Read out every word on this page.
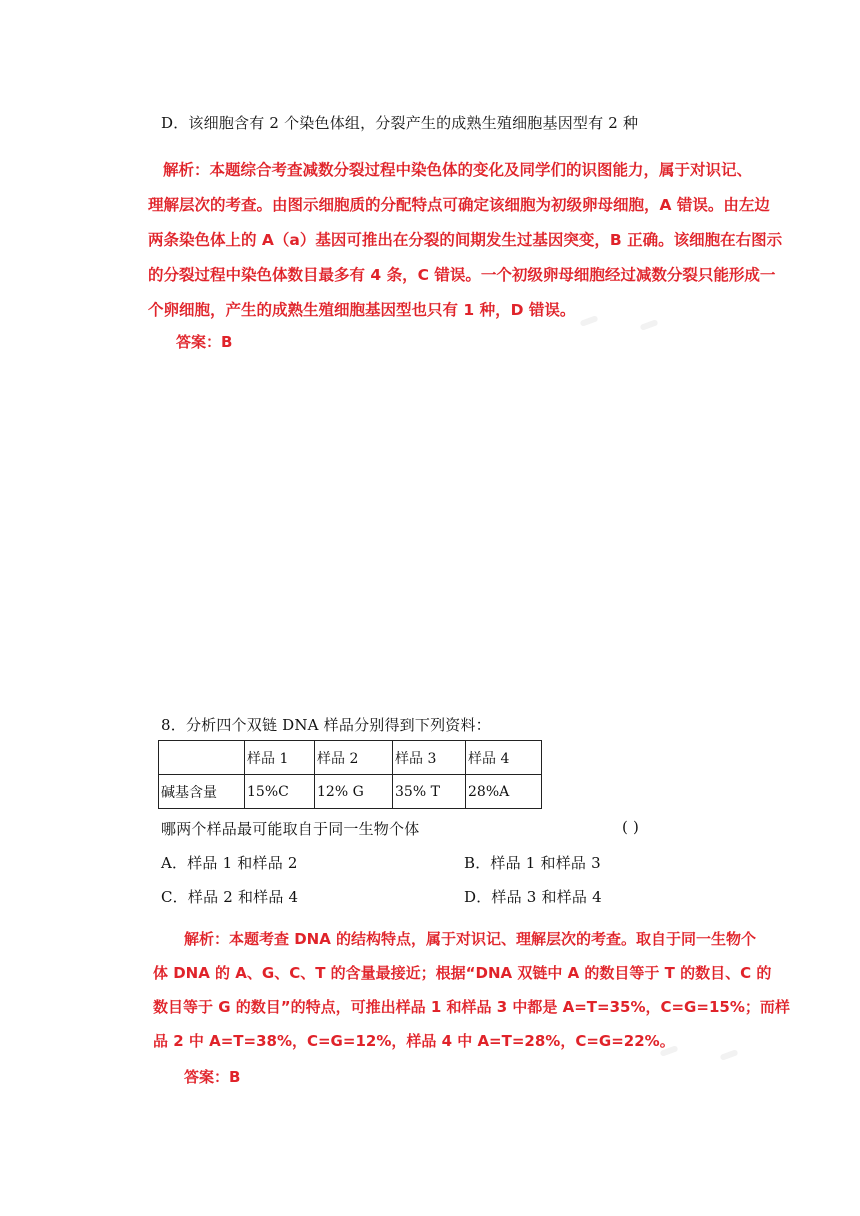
D．该细胞含有 2 个染色体组，分裂产生的成熟生殖细胞基因型有 2 种
解析：本题综合考查减数分裂过程中染色体的变化及同学们的识图能力，属于对识记、
理解层次的考查。由图示细胞质的分配特点可确定该细胞为初级卵母细胞，A 错误。由左边
两条染色体上的 A（a）基因可推出在分裂的间期发生过基因突变，B 正确。该细胞在右图示
的分裂过程中染色体数目最多有 4 条，C 错误。一个初级卵母细胞经过减数分裂只能形成一
个卵细胞，产生的成熟生殖细胞基因型也只有 1 种，D 错误。
答案：B
8．分析四个双链 DNA 样品分别得到下列资料：
	样品 1	样品 2	样品 3	样品 4
碱基含量	15%C	12% G	35% T	28%A
哪两个样品最可能取自于同一生物个体	( )
A．样品 1 和样品 2	B．样品 1 和样品 3
C．样品 2 和样品 4	D．样品 3 和样品 4
解析：本题考查 DNA 的结构特点，属于对识记、理解层次的考查。取自于同一生物个
体 DNA 的 A、G、C、T 的含量最接近；根据“DNA 双链中 A 的数目等于 T 的数目、C 的
数目等于 G 的数目”的特点，可推出样品 1 和样品 3 中都是 A=T=35%，C=G=15%；而样
品 2 中 A=T=38%，C=G=12%，样品 4 中 A=T=28%，C=G=22%。
答案：B
